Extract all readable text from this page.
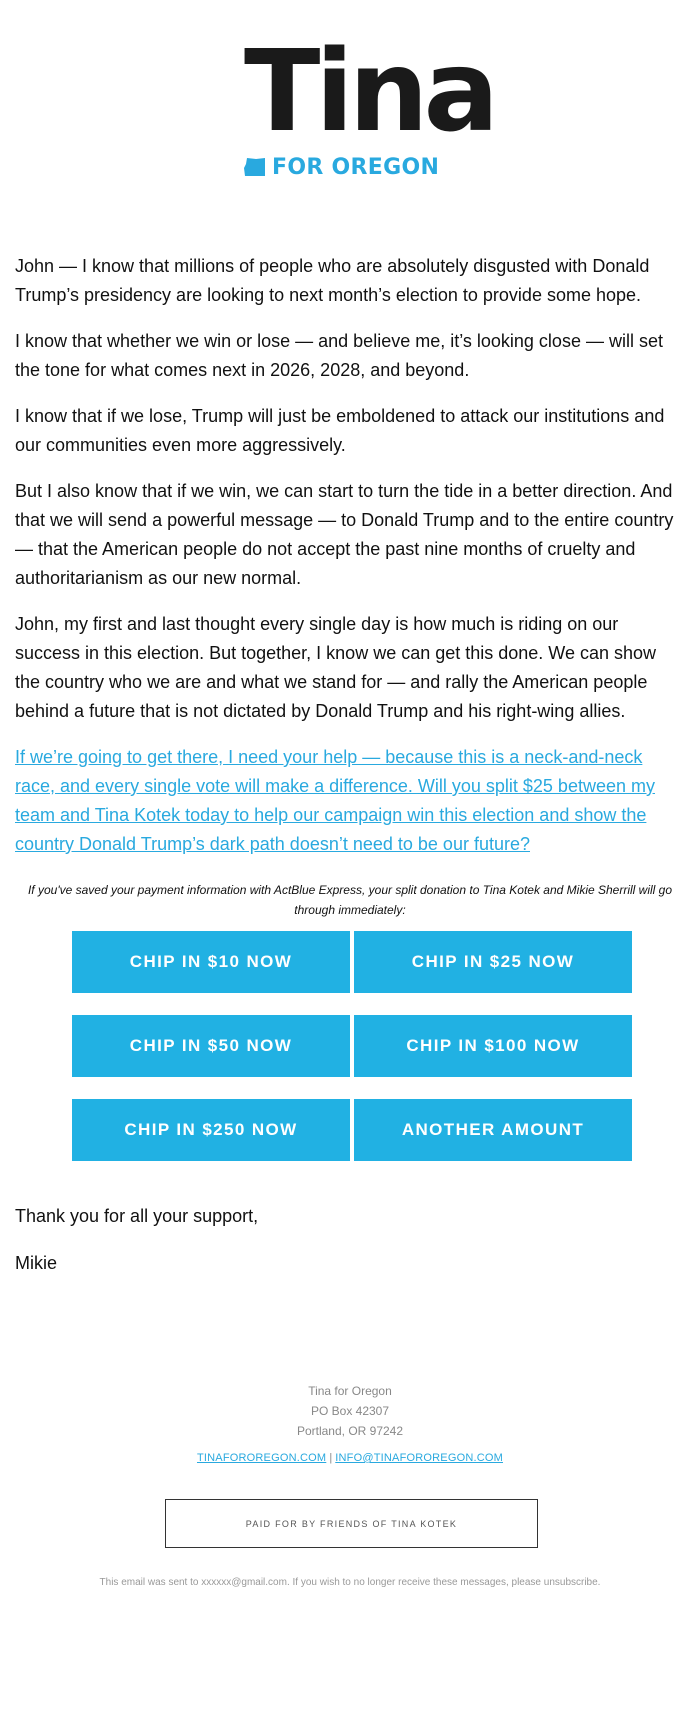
Tina
FOR OREGON

John — I know that millions of people who are absolutely disgusted with Donald Trump’s presidency are looking to next month’s election to provide some hope.

I know that whether we win or lose — and believe me, it’s looking close — will set the tone for what comes next in 2026, 2028, and beyond.

I know that if we lose, Trump will just be emboldened to attack our institutions and our communities even more aggressively.

But I also know that if we win, we can start to turn the tide in a better direction. And that we will send a powerful message — to Donald Trump and to the entire country — that the American people do not accept the past nine months of cruelty and authoritarianism as our new normal.

John, my first and last thought every single day is how much is riding on our success in this election. But together, I know we can get this done. We can show the country who we are and what we stand for — and rally the American people behind a future that is not dictated by Donald Trump and his right-wing allies.

If we’re going to get there, I need your help — because this is a neck-and-neck race, and every single vote will make a difference. Will you split $25 between my team and Tina Kotek today to help our campaign win this election and show the country Donald Trump’s dark path doesn’t need to be our future?
If you've saved your payment information with ActBlue Express, your split donation to Tina Kotek and Mikie Sherrill will go through immediately:
CHIP IN $10 NOW	CHIP IN $25 NOW
CHIP IN $50 NOW	CHIP IN $100 NOW
CHIP IN $250 NOW	ANOTHER AMOUNT

Thank you for all your support,

Mikie

Tina for Oregon
PO Box 42307
Portland, OR 97242
TINAFOROREGON.COM | INFO@TINAFOROREGON.COM
PAID FOR BY FRIENDS OF TINA KOTEK
This email was sent to xxxxxx@gmail.com. If you wish to no longer receive these messages, please unsubscribe.
